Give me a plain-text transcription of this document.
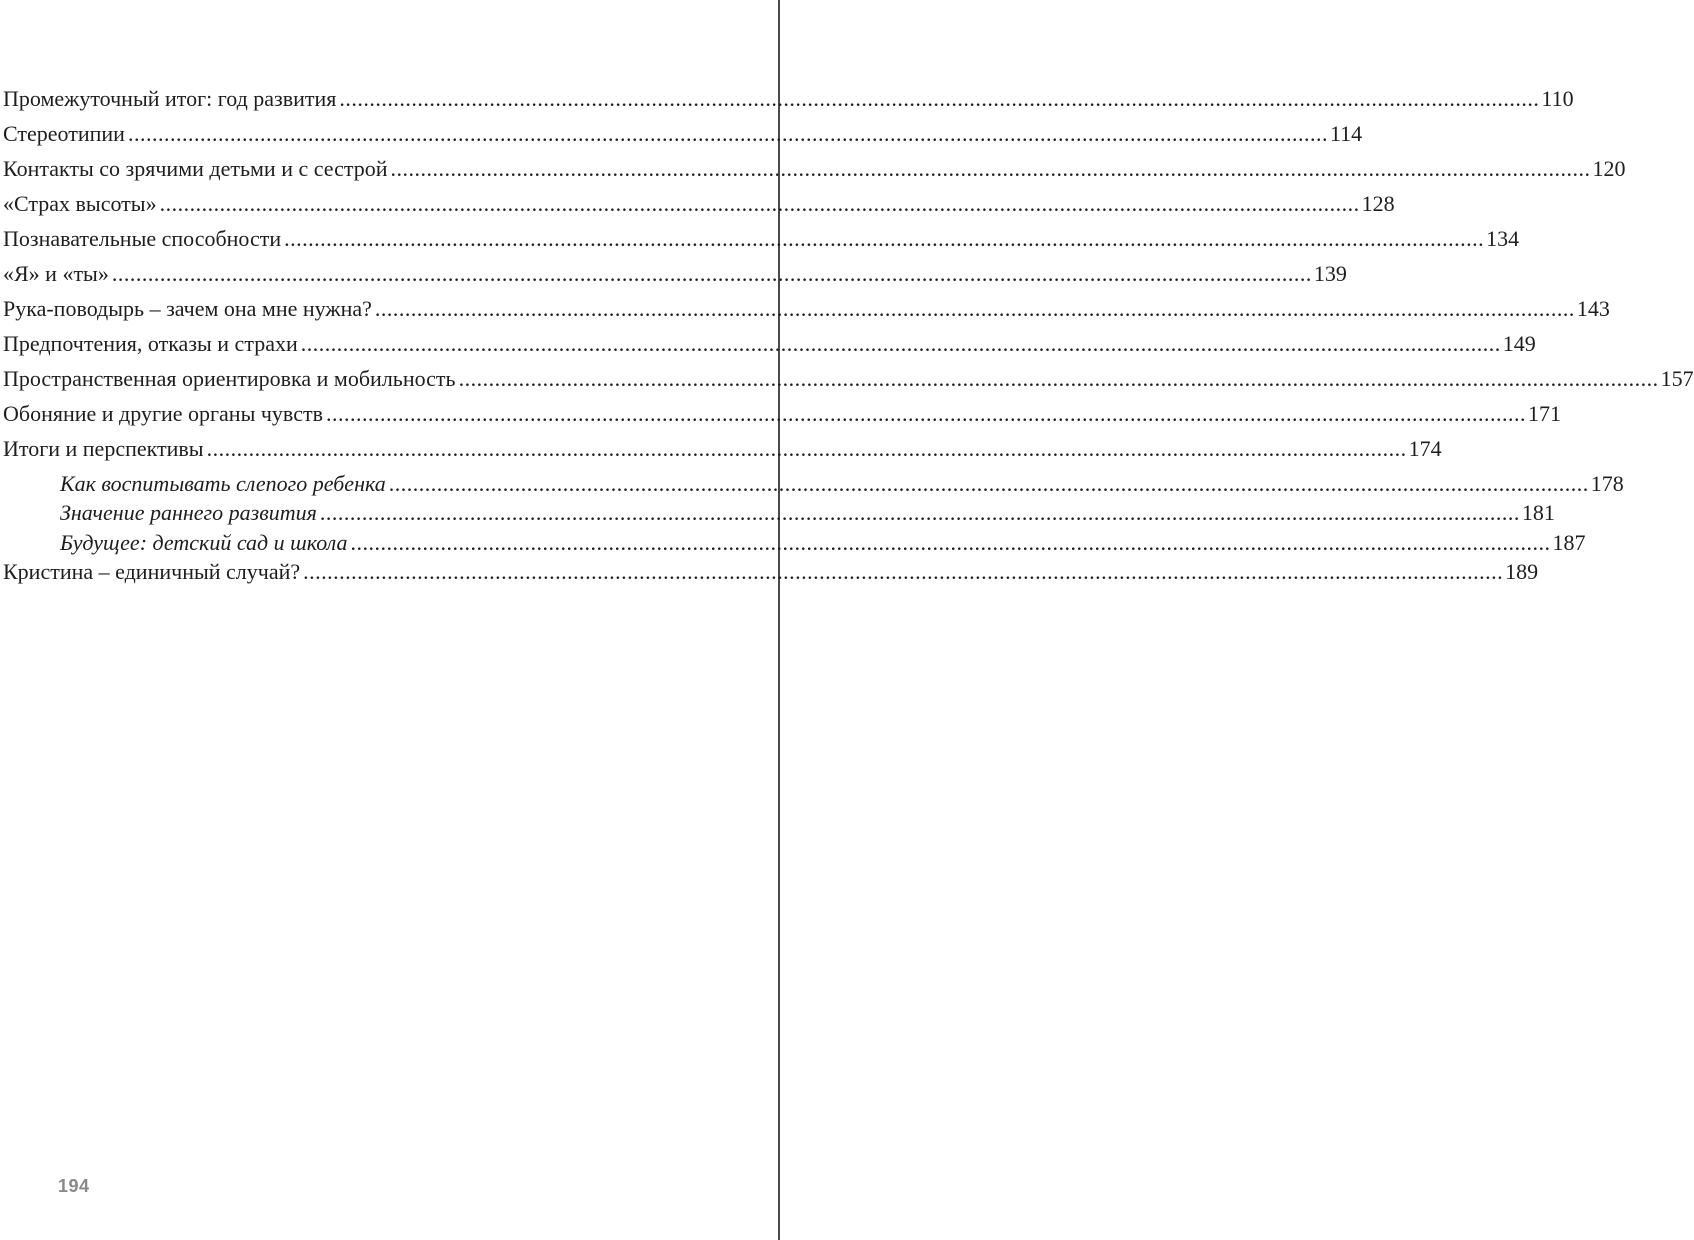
Промежуточный итог: год развития ........................................................................................................................................................................................................ 110
Стереотипии ........................................................................................................................................................................................................ 114
Контакты со зрячими детьми и с сестрой ........................................................................................................................................................................................................ 120
«Страх высоты» ........................................................................................................................................................................................................ 128
Познавательные способности ........................................................................................................................................................................................................ 134
«Я» и «ты» ........................................................................................................................................................................................................ 139
Рука-поводырь – зачем она мне нужна? ........................................................................................................................................................................................................ 143
Предпочтения, отказы и страхи ........................................................................................................................................................................................................ 149
Пространственная ориентировка и мобильность ........................................................................................................................................................................................................ 157
Обоняние и другие органы чувств ........................................................................................................................................................................................................ 171
Итоги и перспективы ........................................................................................................................................................................................................ 174
Как воспитывать слепого ребенка ........................................................................................................................................................................................................ 178
Значение раннего развития ........................................................................................................................................................................................................ 181
Будущее: детский сад и школа ........................................................................................................................................................................................................ 187
Кристина – единичный случай? ........................................................................................................................................................................................................ 189
194
